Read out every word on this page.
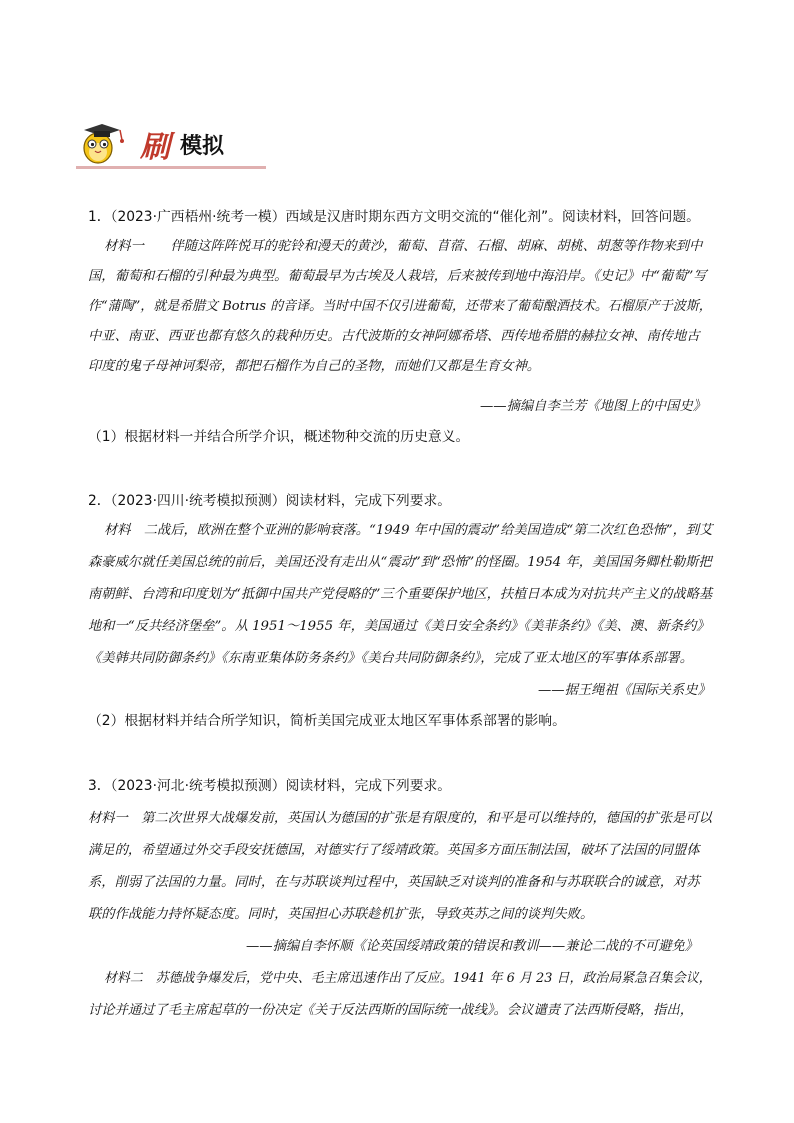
刷 模拟
1．（2023·广西梧州·统考一模）西域是汉唐时期东西方文明交流的“催化剂”。阅读材料，回答问题。
材料一　　伴随这阵阵悦耳的驼铃和漫天的黄沙，葡萄、苜蓿、石榴、胡麻、胡桃、胡葱等作物来到中
国，葡萄和石榴的引种最为典型。葡萄最早为古埃及人栽培，后来被传到地中海沿岸。《史记》中“葡萄”写
作“蒲陶”，就是希腊文 Botrus 的音译。当时中国不仅引进葡萄，还带来了葡萄酿酒技术。石榴原产于波斯，
中亚、南亚、西亚也都有悠久的栽种历史。古代波斯的女神阿娜希塔、西传地希腊的赫拉女神、南传地古
印度的鬼子母神诃梨帝，都把石榴作为自己的圣物，而她们又都是生育女神。
——摘编自李兰芳《地图上的中国史》
（1）根据材料一并结合所学介识，概述物种交流的历史意义。
2．（2023·四川·统考模拟预测）阅读材料，完成下列要求。
材料　二战后，欧洲在整个亚洲的影响衰落。“1949 年中国的震动”给美国造成“第二次红色恐怖”，到艾
森豪威尔就任美国总统的前后，美国还没有走出从“震动”到“恐怖”的怪圈。1954 年，美国国务卿杜勒斯把
南朝鲜、台湾和印度划为“抵御中国共产党侵略的”三个重要保护地区，扶植日本成为对抗共产主义的战略基
地和一“反共经济堡垒”。从 1951～1955 年，美国通过《美日安全条约》《美菲条约》《美、澳、新条约》
《美韩共同防御条约》《东南亚集体防务条约》《美台共同防御条约》，完成了亚太地区的军事体系部署。
——据王绳祖《国际关系史》
（2）根据材料并结合所学知识，简析美国完成亚太地区军事体系部署的影响。
3．（2023·河北·统考模拟预测）阅读材料，完成下列要求。
材料一　第二次世界大战爆发前，英国认为德国的扩张是有限度的，和平是可以维持的，德国的扩张是可以
满足的，希望通过外交手段安抚德国，对德实行了绥靖政策。英国多方面压制法国，破坏了法国的同盟体
系，削弱了法国的力量。同时，在与苏联谈判过程中，英国缺乏对谈判的准备和与苏联联合的诚意，对苏
联的作战能力持怀疑态度。同时，英国担心苏联趁机扩张，导致英苏之间的谈判失败。
——摘编自李怀顺《论英国绥靖政策的错误和教训——兼论二战的不可避免》
材料二　苏德战争爆发后，党中央、毛主席迅速作出了反应。1941 年 6 月 23 日，政治局紧急召集会议，
讨论并通过了毛主席起草的一份决定《关于反法西斯的国际统一战线》。会议谴责了法西斯侵略，指出，
